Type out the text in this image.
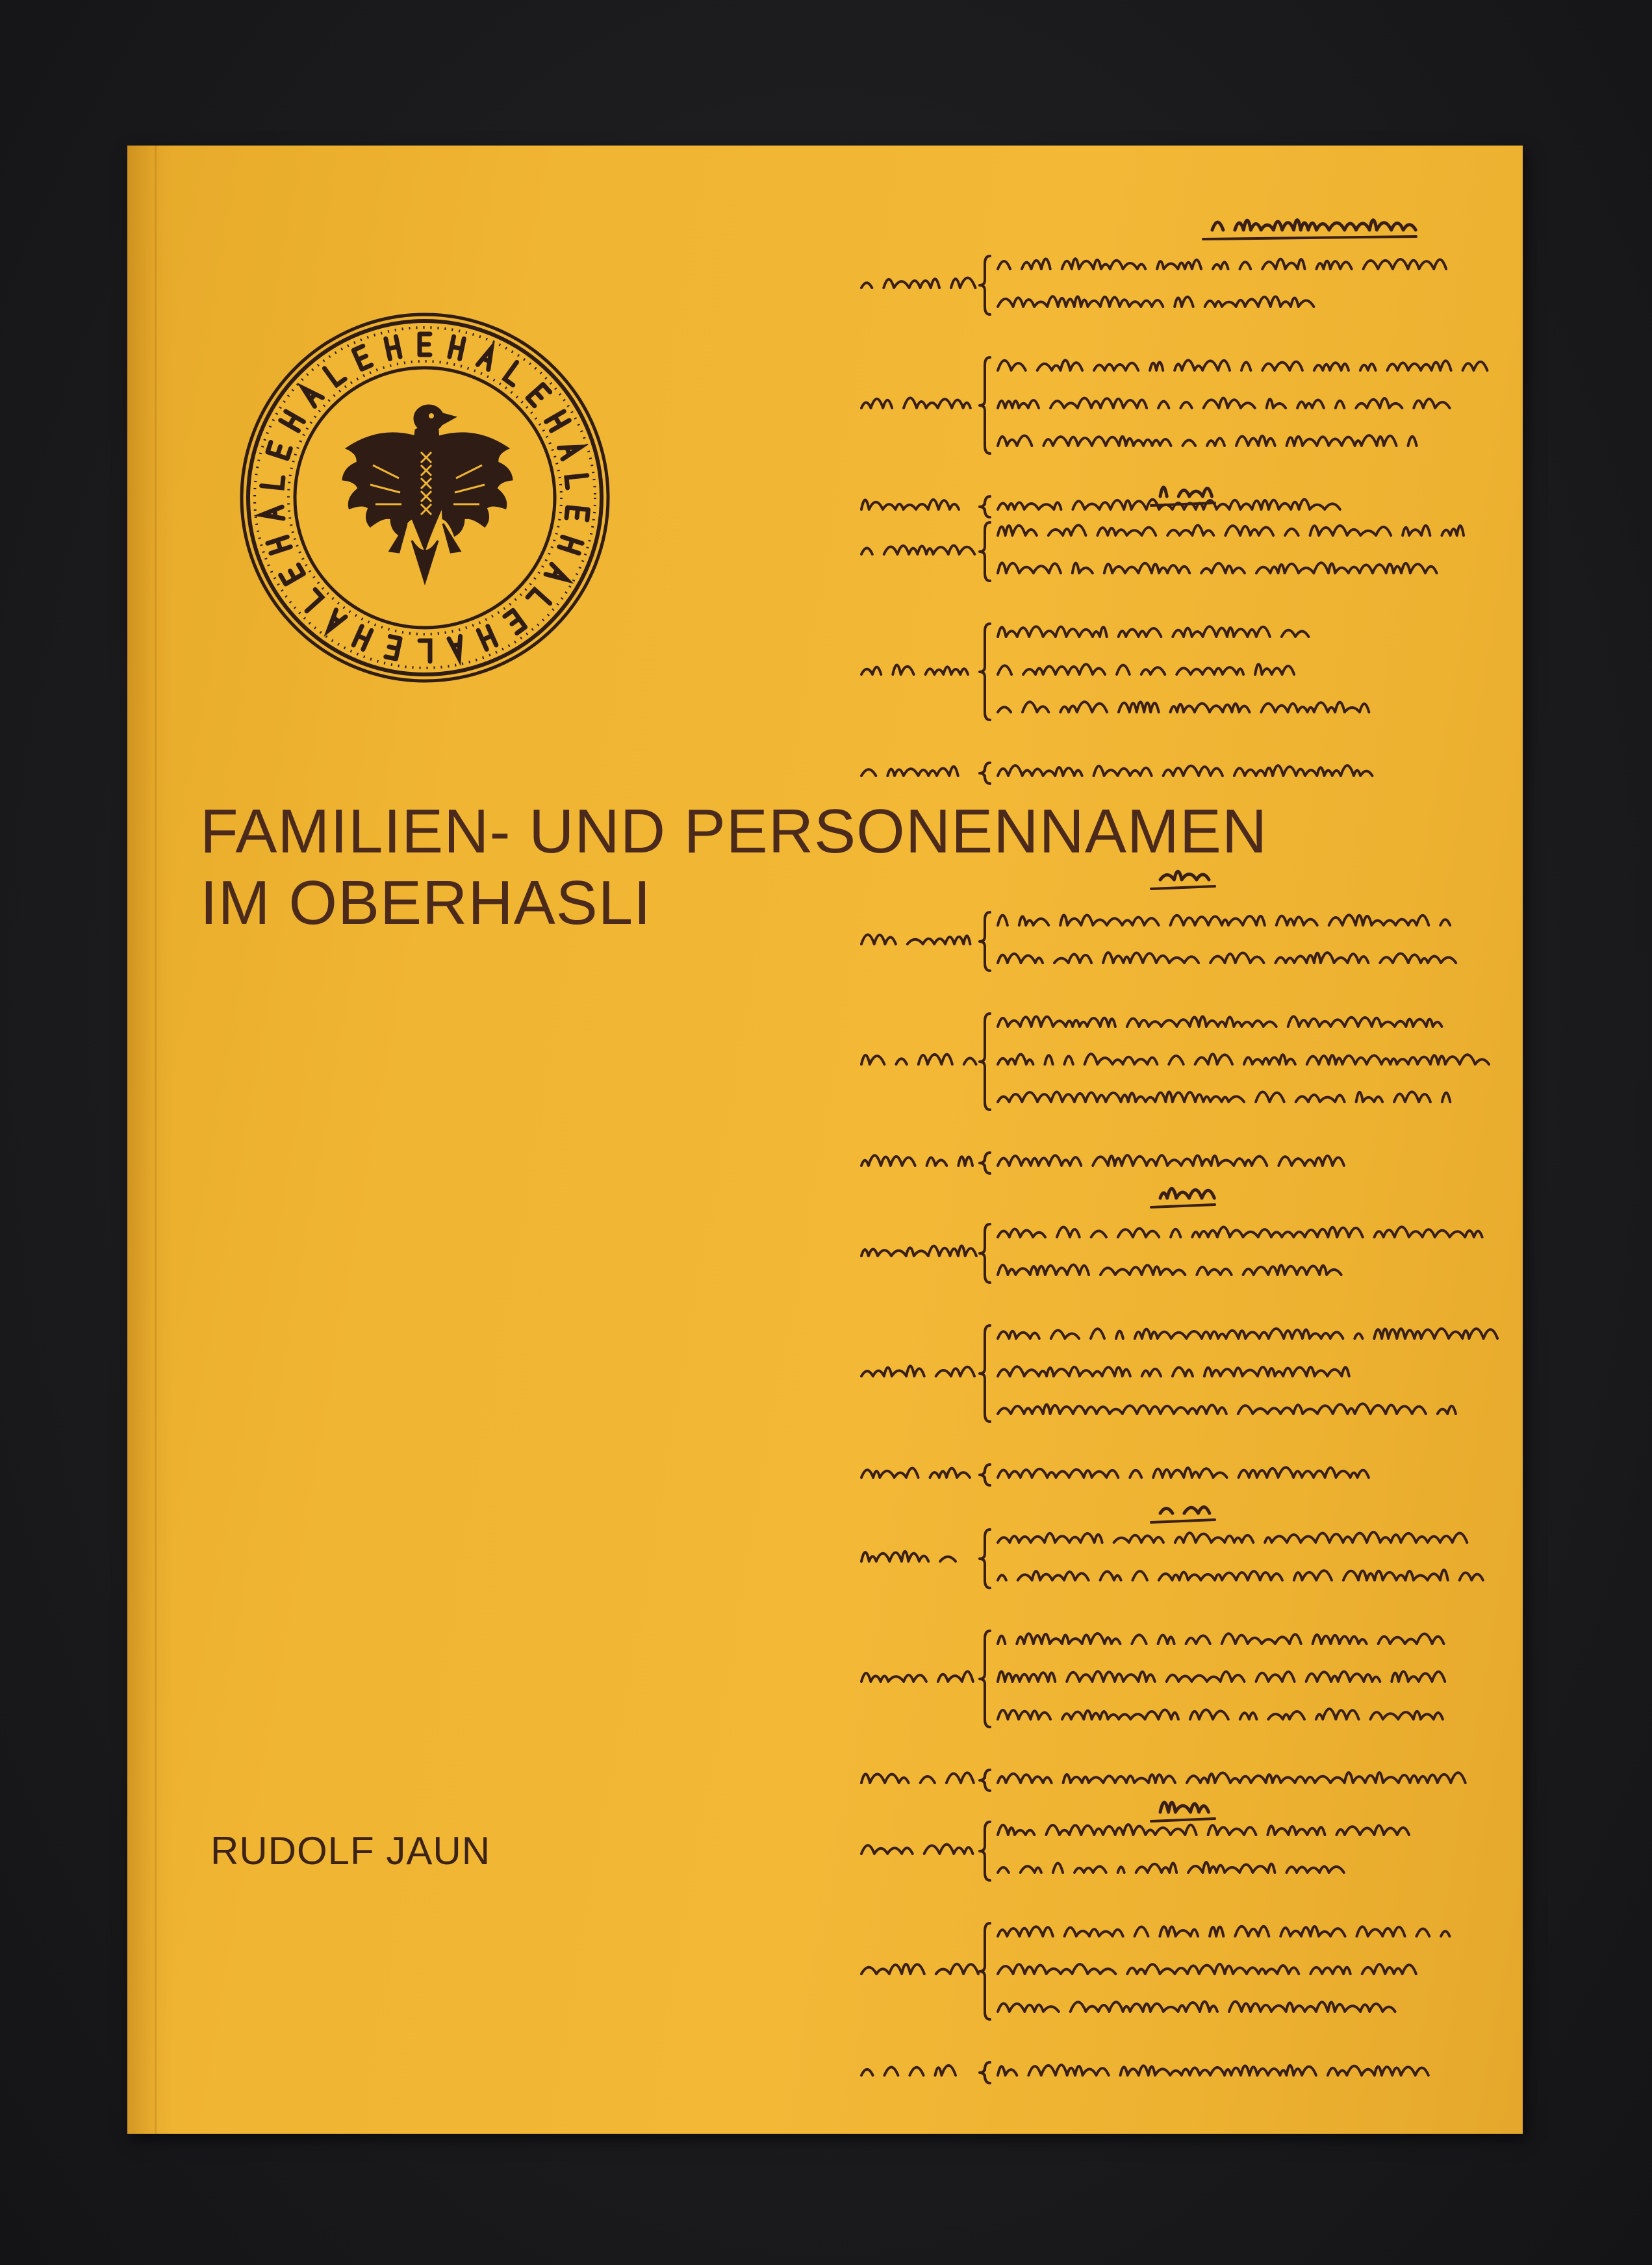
FAMILIEN- UND PERSONENNAMEN
IM OBERHASLI

RUDOLF JAUN
